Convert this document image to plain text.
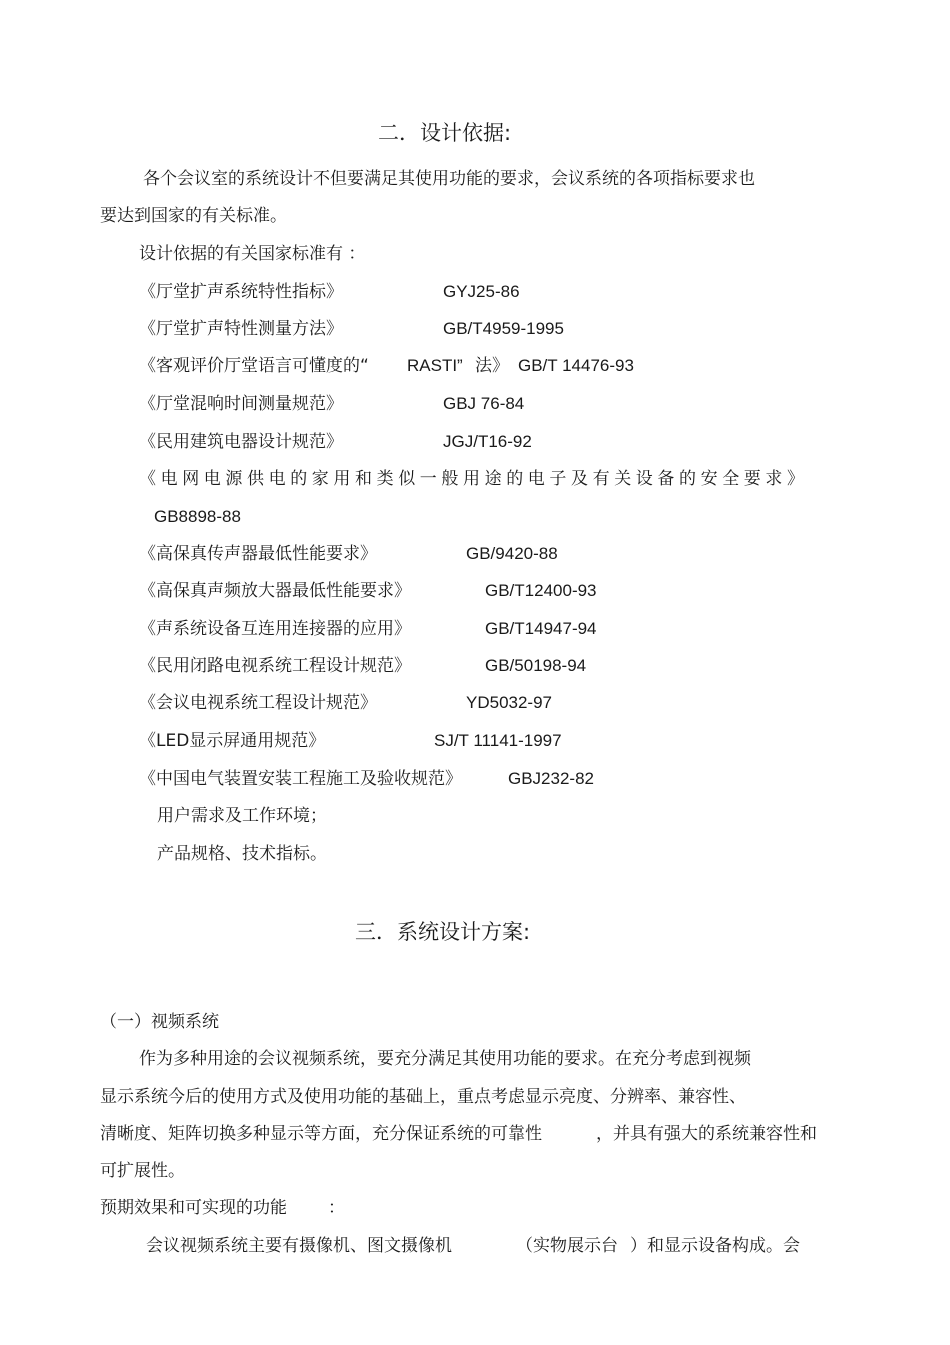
二．设计依据:
各个会议室的系统设计不但要满足其使用功能的要求，会议系统的各项指标要求也
要达到国家的有关标准。
设计依据的有关国家标准有 ：
《厅堂扩声系统特性指标》	GYJ25-86
《厅堂扩声特性测量方法》	GB/T4959-1995
《客观评价厅堂语言可懂度的“ RASTI” 法》 GB/T 14476-93
《厅堂混响时间测量规范》	GBJ 76-84
《民用建筑电器设计规范》	JGJ/T16-92
《电网电源供电的家用和类似一般用途的电子及有关设备的安全要求》
GB8898-88
《高保真传声器最低性能要求》	GB/9420-88
《高保真声频放大器最低性能要求》	GB/T12400-93
《声系统设备互连用连接器的应用》	GB/T14947-94
《民用闭路电视系统工程设计规范》	GB/50198-94
《会议电视系统工程设计规范》	YD5032-97
《LED显示屏通用规范》	SJ/T 11141-1997
《中国电气装置安装工程施工及验收规范》	GBJ232-82
用户需求及工作环境；
产品规格、技术指标。
三．系统设计方案:
（一）视频系统
作为多种用途的会议视频系统，要充分满足其使用功能的要求。在充分考虑到视频
显示系统今后的使用方式及使用功能的基础上，重点考虑显示亮度、分辨率、兼容性、
清晰度、矩阵切换多种显示等方面，充分保证系统的可靠性	，并具有强大的系统兼容性和
可扩展性。
预期效果和可实现的功能 ：
会议视频系统主要有摄像机、图文摄像机	（实物展示台 ）和显示设备构成。会
